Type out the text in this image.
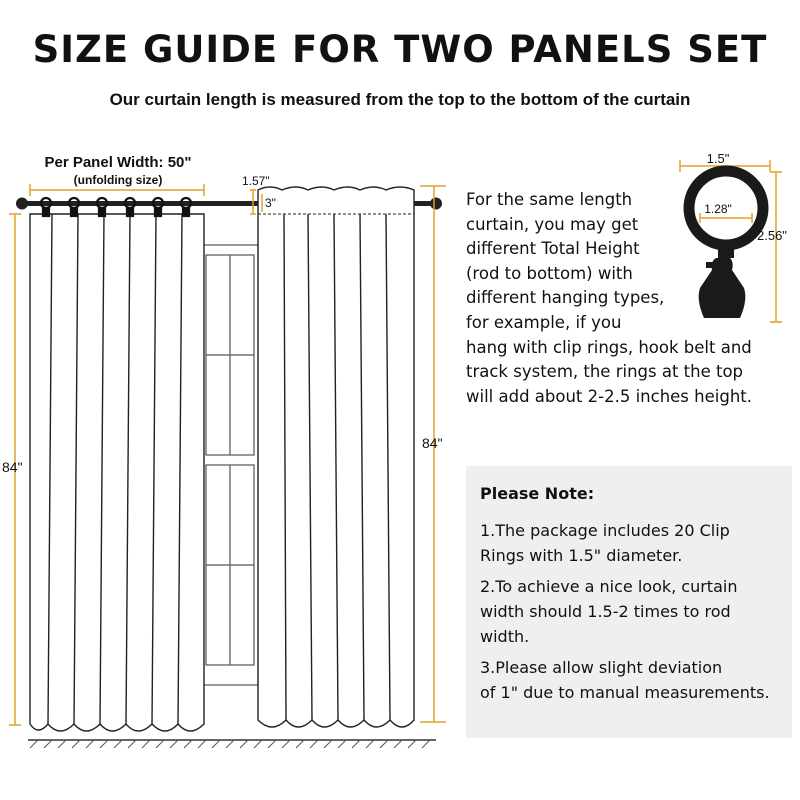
SIZE GUIDE FOR TWO PANELS SET
Our curtain length is measured from the top to the bottom of the curtain
Per Panel Width: 50"
(unfolding size)	1.57"
3"
84"
84"
1.5"
1.28"
2.56"
For the same length
curtain, you may get
different Total Height
(rod to bottom) with
different hanging types,
for example, if you
hang with clip rings, hook belt and
track system, the rings at the top
will add about 2-2.5 inches height.
Please Note:
1.The package includes 20 Clip
Rings with 1.5" diameter.
2.To achieve a nice look, curtain
width should 1.5-2 times to rod
width.
3.Please allow slight deviation
of 1" due to manual measurements.
